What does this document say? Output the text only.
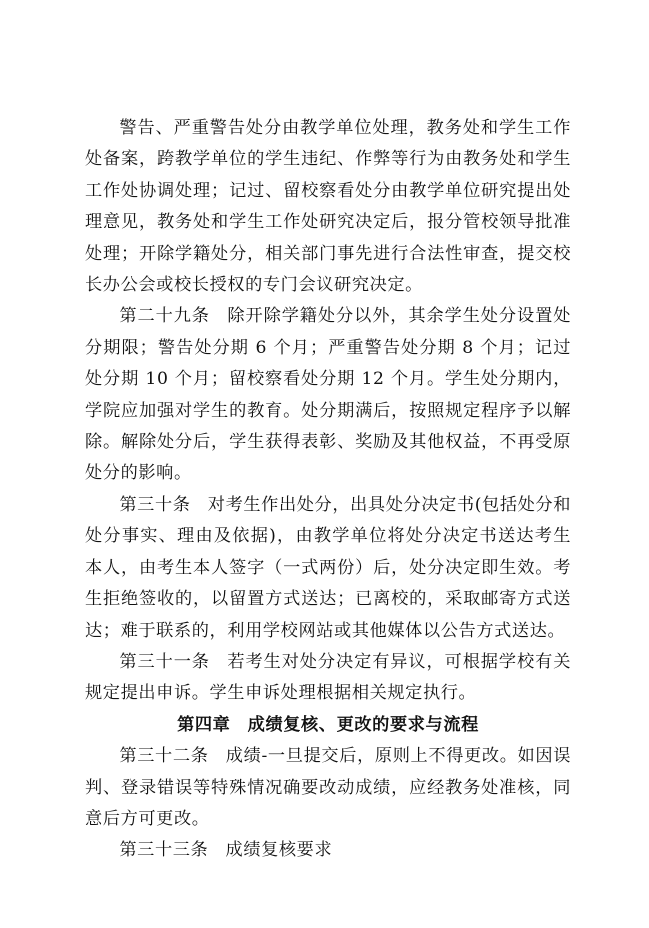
警告、严重警告处分由教学单位处理，教务处和学生工作处备案，跨教学单位的学生违纪、作弊等行为由教务处和学生工作处协调处理；记过、留校察看处分由教学单位研究提出处理意见，教务处和学生工作处研究决定后，报分管校领导批准处理；开除学籍处分，相关部门事先进行合法性审查，提交校长办公会或校长授权的专门会议研究决定。

第二十九条 除开除学籍处分以外，其余学生处分设置处分期限；警告处分期 6 个月；严重警告处分期 8 个月；记过处分期 10 个月；留校察看处分期 12 个月。学生处分期内，学院应加强对学生的教育。处分期满后，按照规定程序予以解除。解除处分后，学生获得表彰、奖励及其他权益，不再受原处分的影响。

第三十条 对考生作出处分，出具处分决定书(包括处分和处分事实、理由及依据)，由教学单位将处分决定书送达考生本人，由考生本人签字（一式两份）后，处分决定即生效。考生拒绝签收的，以留置方式送达；已离校的，采取邮寄方式送达；难于联系的，利用学校网站或其他媒体以公告方式送达。

第三十一条 若考生对处分决定有异议，可根据学校有关规定提出申诉。学生申诉处理根据相关规定执行。

第四章 成绩复核、更改的要求与流程

第三十二条 成绩-一旦提交后，原则上不得更改。如因误判、登录错误等特殊情况确要改动成绩，应经教务处准核，同意后方可更改。

第三十三条 成绩复核要求
